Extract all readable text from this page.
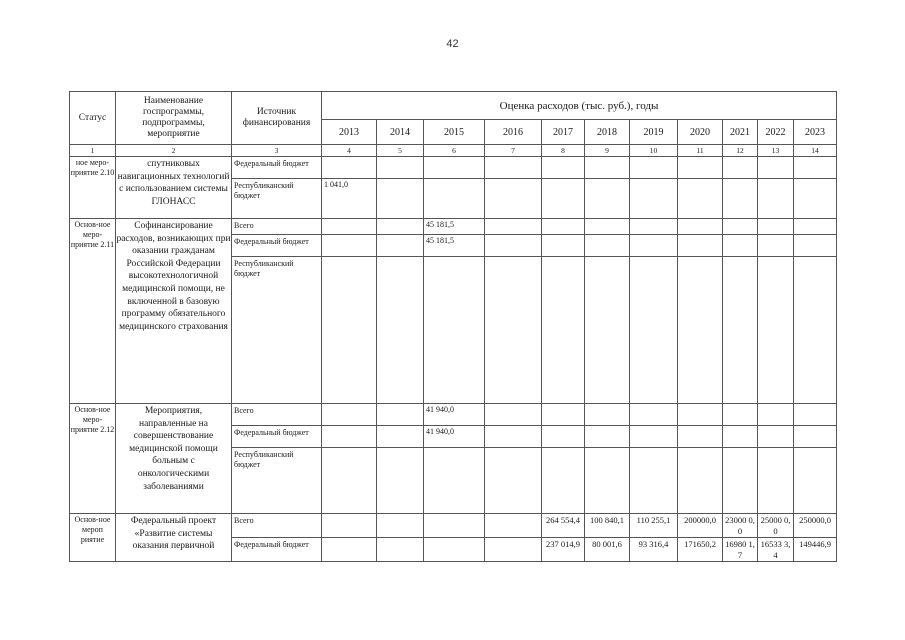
42
Статус	Наименование госпрограммы, подпрограммы, мероприятие	Источник финансирования	Оценка расходов (тыс. руб.), годы										
			2013	2014	2015	2016	2017	2018	2019	2020	2021	2022	2023
1	2	3	4	5	6	7	8	9	10	11	12	13	14
ное меро-приятие 2.10	спутниковых навигационных технологий с использованием системы ГЛОНАСС	Федеральный бюджет											
		Республиканский бюджет	1 041,0										
Основ-ное меро-приятие 2.11	Софинансирование расходов, возникающих при оказании гражданам Российской Федерации высокотехнологичной медицинской помощи, не включенной в базовую программу обязательного медицинского страхования	Всего			45 181,5								
		Федеральный бюджет			45 181,5								
		Республиканский бюджет											
Основ-ное меро-приятие 2.12	Мероприятия, направленные на совершенствование медицинской помощи больным с онкологическими заболеваниями	Всего			41 940,0								
		Федеральный бюджет			41 940,0								
		Республиканский бюджет											
Основ-ное мероп риятие	Федеральный проект «Развитие системы оказания первичной	Всего					264 554,4	100 840,1	110 255,1	200000,0	23000 0,0	25000 0,0	250000,0
		Федеральный бюджет					237 014,9	80 001,6	93 316,4	171650,2	16980 1,7	16533 3,4	149446,9
